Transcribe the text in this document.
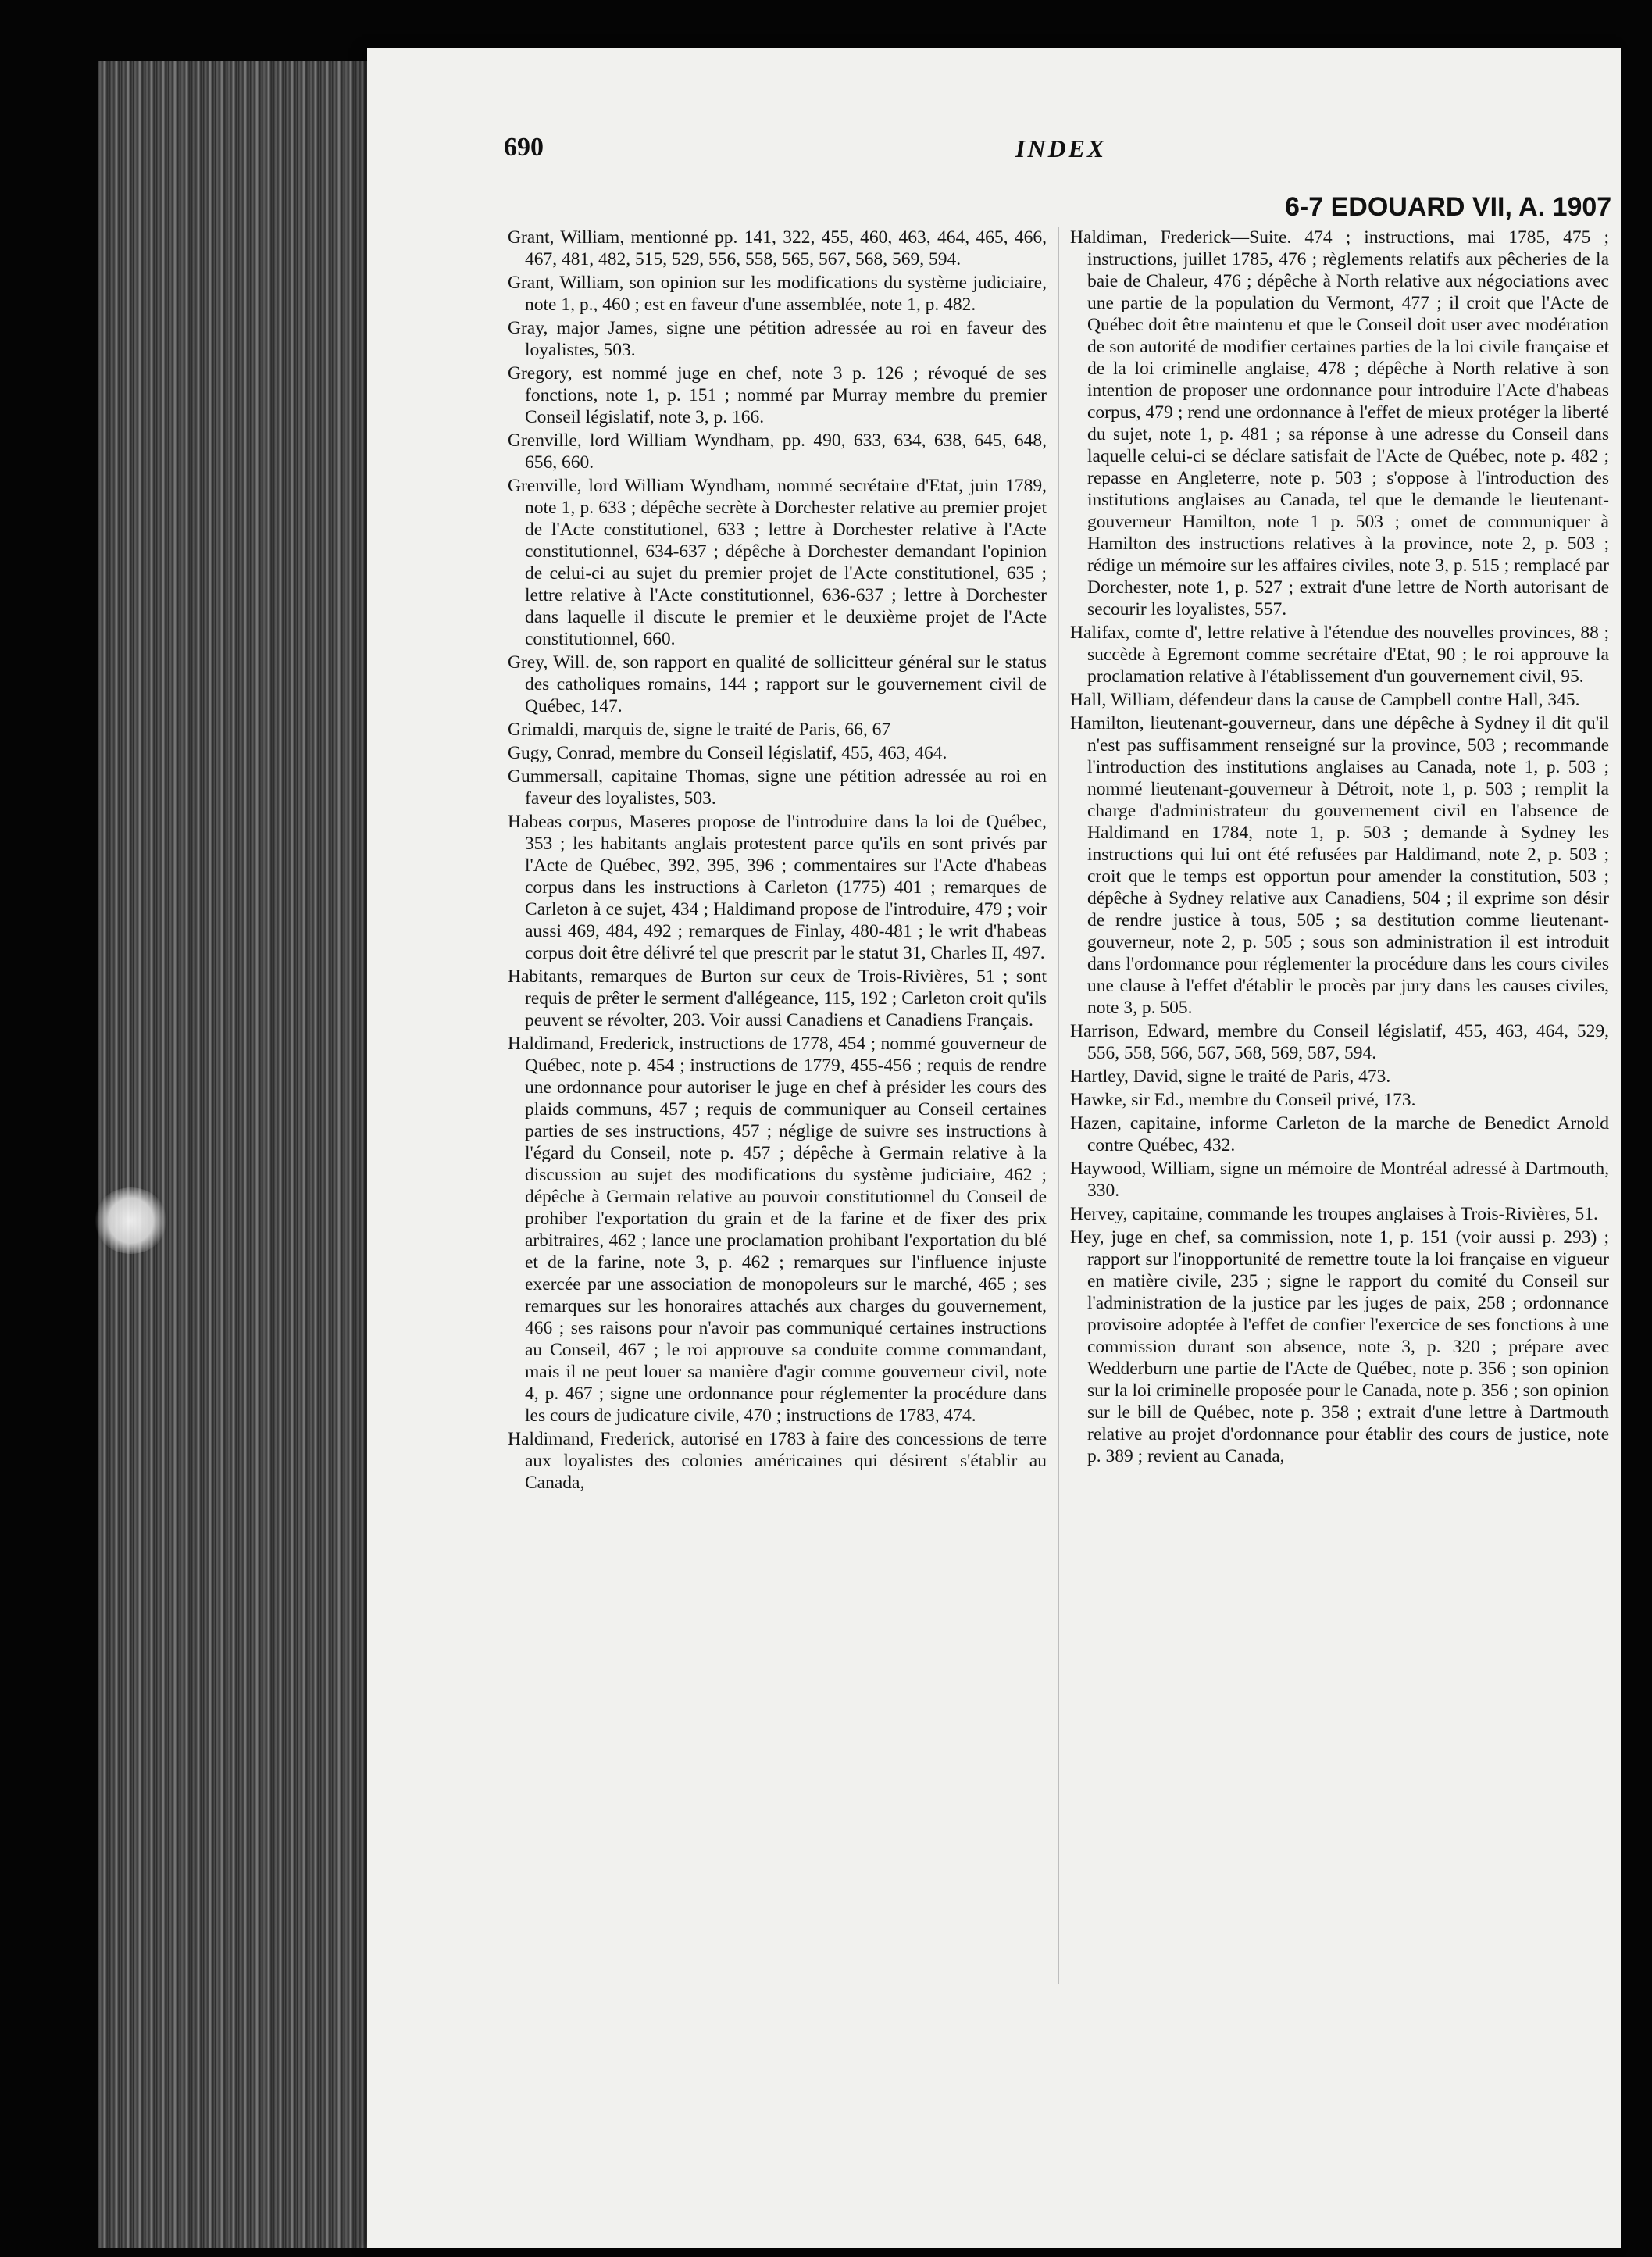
690	INDEX
6-7 EDOUARD VII, A. 1907

Grant, William, mentionné pp. 141, 322, 455, 460, 463, 464, 465, 466, 467, 481, 482, 515, 529, 556, 558, 565, 567, 568, 569, 594.

Grant, William, son opinion sur les modifications du système judiciaire, note 1, p., 460 ; est en faveur d'une assemblée, note 1, p. 482.

Gray, major James, signe une pétition adressée au roi en faveur des loyalistes, 503.

Gregory, est nommé juge en chef, note 3 p. 126 ; révoqué de ses fonctions, note 1, p. 151 ; nommé par Murray membre du premier Conseil législatif, note 3, p. 166.

Grenville, lord William Wyndham, pp. 490, 633, 634, 638, 645, 648, 656, 660.

Grenville, lord William Wyndham, nommé secrétaire d'Etat, juin 1789, note 1, p. 633 ; dépêche secrète à Dorchester relative au premier projet de l'Acte constitutionel, 633 ; lettre à Dorchester relative à l'Acte constitutionnel, 634-637 ; dépêche à Dorchester demandant l'opinion de celui-ci au sujet du premier projet de l'Acte constitutionel, 635 ; lettre relative à l'Acte constitutionnel, 636-637 ; lettre à Dorchester dans laquelle il discute le premier et le deuxième projet de l'Acte constitutionnel, 660.

Grey, Will. de, son rapport en qualité de sollicitteur général sur le status des catholiques romains, 144 ; rapport sur le gouvernement civil de Québec, 147.

Grimaldi, marquis de, signe le traité de Paris, 66, 67

Gugy, Conrad, membre du Conseil législatif, 455, 463, 464.

Gummersall, capitaine Thomas, signe une pétition adressée au roi en faveur des loyalistes, 503.

Habeas corpus, Maseres propose de l'introduire dans la loi de Québec, 353 ; les habitants anglais protestent parce qu'ils en sont privés par l'Acte de Québec, 392, 395, 396 ; commentaires sur l'Acte d'habeas corpus dans les instructions à Carleton (1775) 401 ; remarques de Carleton à ce sujet, 434 ; Haldimand propose de l'introduire, 479 ; voir aussi 469, 484, 492 ; remarques de Finlay, 480-481 ; le writ d'habeas corpus doit être délivré tel que prescrit par le statut 31, Charles II, 497.

Habitants, remarques de Burton sur ceux de Trois-Rivières, 51 ; sont requis de prêter le serment d'allégeance, 115, 192 ; Carleton croit qu'ils peuvent se révolter, 203. Voir aussi Canadiens et Canadiens Français.

Haldimand, Frederick, instructions de 1778, 454 ; nommé gouverneur de Québec, note p. 454 ; instructions de 1779, 455-456 ; requis de rendre une ordonnance pour autoriser le juge en chef à présider les cours des plaids communs, 457 ; requis de communiquer au Conseil certaines parties de ses instructions, 457 ; néglige de suivre ses instructions à l'égard du Conseil, note p. 457 ; dépêche à Germain relative à la discussion au sujet des modifications du système judiciaire, 462 ; dépêche à Germain relative au pouvoir constitutionnel du Conseil de prohiber l'exportation du grain et de la farine et de fixer des prix arbitraires, 462 ; lance une proclamation prohibant l'exportation du blé et de la farine, note 3, p. 462 ; remarques sur l'influence injuste exercée par une association de monopoleurs sur le marché, 465 ; ses remarques sur les honoraires attachés aux charges du gouvernement, 466 ; ses raisons pour n'avoir pas communiqué certaines instructions au Conseil, 467 ; le roi approuve sa conduite comme commandant, mais il ne peut louer sa manière d'agir comme gouverneur civil, note 4, p. 467 ; signe une ordonnance pour réglementer la procédure dans les cours de judicature civile, 470 ; instructions de 1783, 474.

Haldimand, Frederick, autorisé en 1783 à faire des concessions de terre aux loyalistes des colonies américaines qui désirent s'établir au Canada,

Haldiman, Frederick—Suite. 474 ; instructions, mai 1785, 475 ; instructions, juillet 1785, 476 ; règlements relatifs aux pêcheries de la baie de Chaleur, 476 ; dépêche à North relative aux négociations avec une partie de la population du Vermont, 477 ; il croit que l'Acte de Québec doit être maintenu et que le Conseil doit user avec modération de son autorité de modifier certaines parties de la loi civile française et de la loi criminelle anglaise, 478 ; dépêche à North relative à son intention de proposer une ordonnance pour introduire l'Acte d'habeas corpus, 479 ; rend une ordonnance à l'effet de mieux protéger la liberté du sujet, note 1, p. 481 ; sa réponse à une adresse du Conseil dans laquelle celui-ci se déclare satisfait de l'Acte de Québec, note p. 482 ; repasse en Angleterre, note p. 503 ; s'oppose à l'introduction des institutions anglaises au Canada, tel que le demande le lieutenant-gouverneur Hamilton, note 1 p. 503 ; omet de communiquer à Hamilton des instructions relatives à la province, note 2, p. 503 ; rédige un mémoire sur les affaires civiles, note 3, p. 515 ; remplacé par Dorchester, note 1, p. 527 ; extrait d'une lettre de North autorisant de secourir les loyalistes, 557.

Halifax, comte d', lettre relative à l'étendue des nouvelles provinces, 88 ; succède à Egremont comme secrétaire d'Etat, 90 ; le roi approuve la proclamation relative à l'établissement d'un gouvernement civil, 95.

Hall, William, défendeur dans la cause de Campbell contre Hall, 345.

Hamilton, lieutenant-gouverneur, dans une dépêche à Sydney il dit qu'il n'est pas suffisamment renseigné sur la province, 503 ; recommande l'introduction des institutions anglaises au Canada, note 1, p. 503 ; nommé lieutenant-gouverneur à Détroit, note 1, p. 503 ; remplit la charge d'administrateur du gouvernement civil en l'absence de Haldimand en 1784, note 1, p. 503 ; demande à Sydney les instructions qui lui ont été refusées par Haldimand, note 2, p. 503 ; croit que le temps est opportun pour amender la constitution, 503 ; dépêche à Sydney relative aux Canadiens, 504 ; il exprime son désir de rendre justice à tous, 505 ; sa destitution comme lieutenant-gouverneur, note 2, p. 505 ; sous son administration il est introduit dans l'ordonnance pour réglementer la procédure dans les cours civiles une clause à l'effet d'établir le procès par jury dans les causes civiles, note 3, p. 505.

Harrison, Edward, membre du Conseil législatif, 455, 463, 464, 529, 556, 558, 566, 567, 568, 569, 587, 594.

Hartley, David, signe le traité de Paris, 473.

Hawke, sir Ed., membre du Conseil privé, 173.

Hazen, capitaine, informe Carleton de la marche de Benedict Arnold contre Québec, 432.

Haywood, William, signe un mémoire de Montréal adressé à Dartmouth, 330.

Hervey, capitaine, commande les troupes anglaises à Trois-Rivières, 51.

Hey, juge en chef, sa commission, note 1, p. 151 (voir aussi p. 293) ; rapport sur l'inopportunité de remettre toute la loi française en vigueur en matière civile, 235 ; signe le rapport du comité du Conseil sur l'administration de la justice par les juges de paix, 258 ; ordonnance provisoire adoptée à l'effet de confier l'exercice de ses fonctions à une commission durant son absence, note 3, p. 320 ; prépare avec Wedderburn une partie de l'Acte de Québec, note p. 356 ; son opinion sur la loi criminelle proposée pour le Canada, note p. 356 ; son opinion sur le bill de Québec, note p. 358 ; extrait d'une lettre à Dartmouth relative au projet d'ordonnance pour établir des cours de justice, note p. 389 ; revient au Canada,
